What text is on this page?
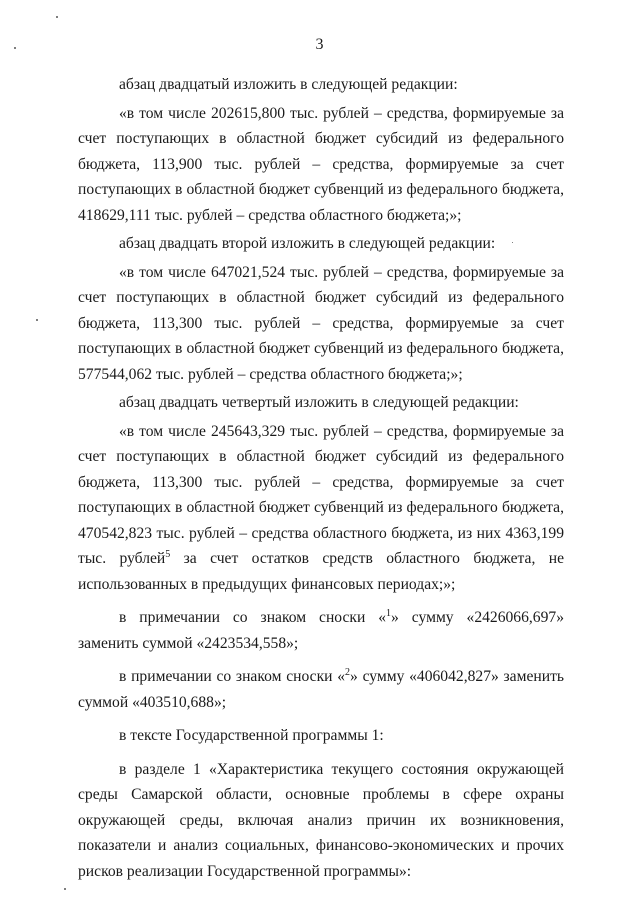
3

абзац двадцатый изложить в следующей редакции:

«в том числе 202615,800 тыс. рублей – средства, формируемые за счет поступающих в областной бюджет субсидий из федерального бюджета, 113,900 тыс. рублей – средства, формируемые за счет поступающих в областной бюджет субвенций из федерального бюджета, 418629,111 тыс. рублей – средства областного бюджета;»;

абзац двадцать второй изложить в следующей редакции:

«в том числе 647021,524 тыс. рублей – средства, формируемые за счет поступающих в областной бюджет субсидий из федерального бюджета, 113,300 тыс. рублей – средства, формируемые за счет поступающих в областной бюджет субвенций из федерального бюджета, 577544,062 тыс. рублей – средства областного бюджета;»;

абзац двадцать четвертый изложить в следующей редакции:

«в том числе 245643,329 тыс. рублей – средства, формируемые за счет поступающих в областной бюджет субсидий из федерального бюджета, 113,300 тыс. рублей – средства, формируемые за счет поступающих в областной бюджет субвенций из федерального бюджета, 470542,823 тыс. рублей – средства областного бюджета, из них 4363,199 тыс. рублей$^5$ за счет остатков средств областного бюджета, не использованных в предыдущих финансовых периодах;»;

в примечании со знаком сноски «$^1$» сумму «2426066,697» заменить суммой «2423534,558»;

в примечании со знаком сноски «$^2$» сумму «406042,827» заменить суммой «403510,688»;

в тексте Государственной программы 1:

в разделе 1 «Характеристика текущего состояния окружающей среды Самарской области, основные проблемы в сфере охраны окружающей среды, включая анализ причин их возникновения, показатели и анализ социальных, финансово-экономических и прочих рисков реализации Государственной программы»:
